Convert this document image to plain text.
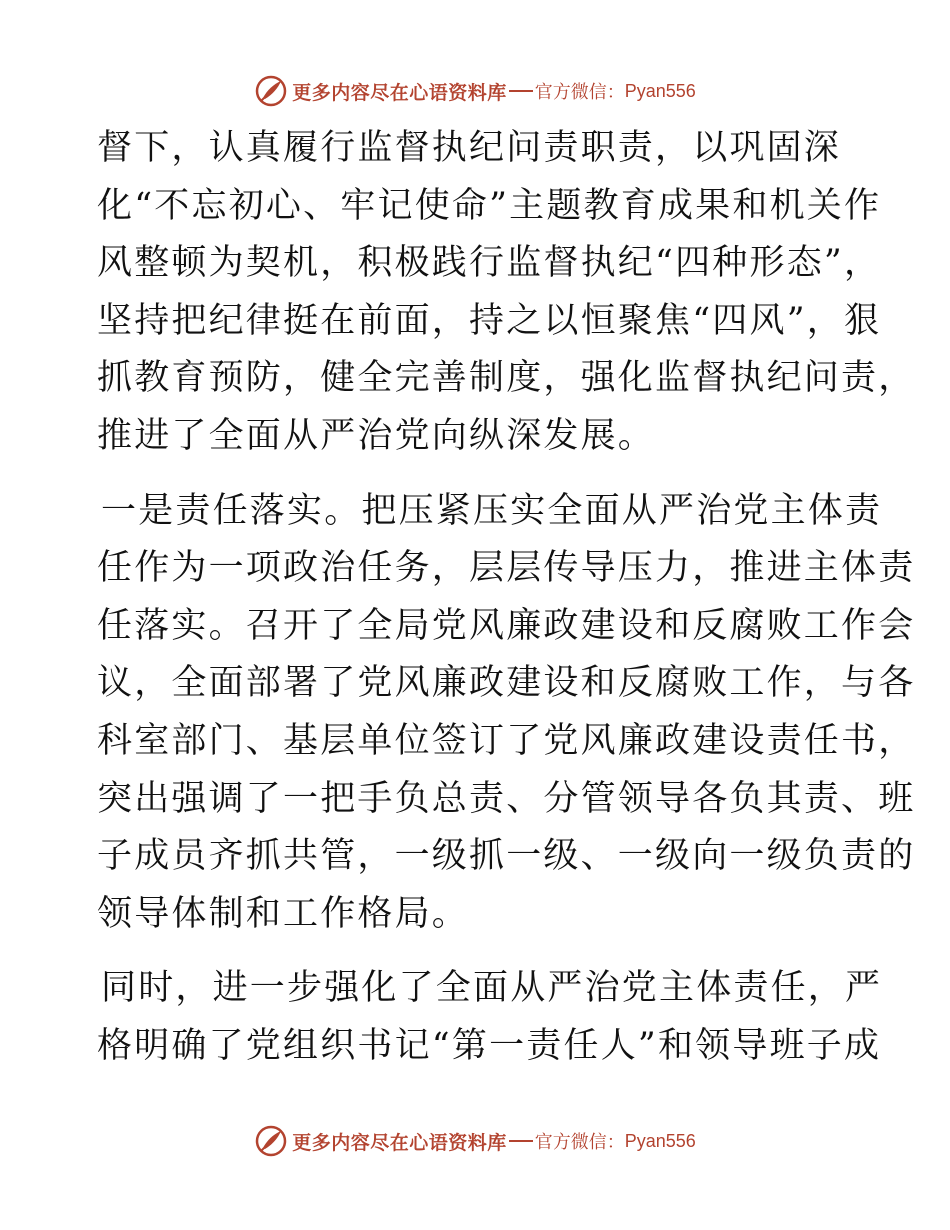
更多内容尽在心语资料库 官方微信： Pyan556
督下，认真履行监督执纪问责职责，以巩固深
化“不忘初心、牢记使命”主题教育成果和机关作
风整顿为契机，积极践行监督执纪“四种形态”，
坚持把纪律挺在前面，持之以恒聚焦“四风”，狠
抓教育预防，健全完善制度，强化监督执纪问责，
推进了全面从严治党向纵深发展。
一是责任落实。把压紧压实全面从严治党主体责
任作为一项政治任务，层层传导压力，推进主体责
任落实。召开了全局党风廉政建设和反腐败工作会
议，全面部署了党风廉政建设和反腐败工作，与各
科室部门、基层单位签订了党风廉政建设责任书，
突出强调了一把手负总责、分管领导各负其责、班
子成员齐抓共管，一级抓一级、一级向一级负责的
领导体制和工作格局。
同时，进一步强化了全面从严治党主体责任，严
格明确了党组织书记“第一责任人”和领导班子成
更多内容尽在心语资料库 官方微信： Pyan556
